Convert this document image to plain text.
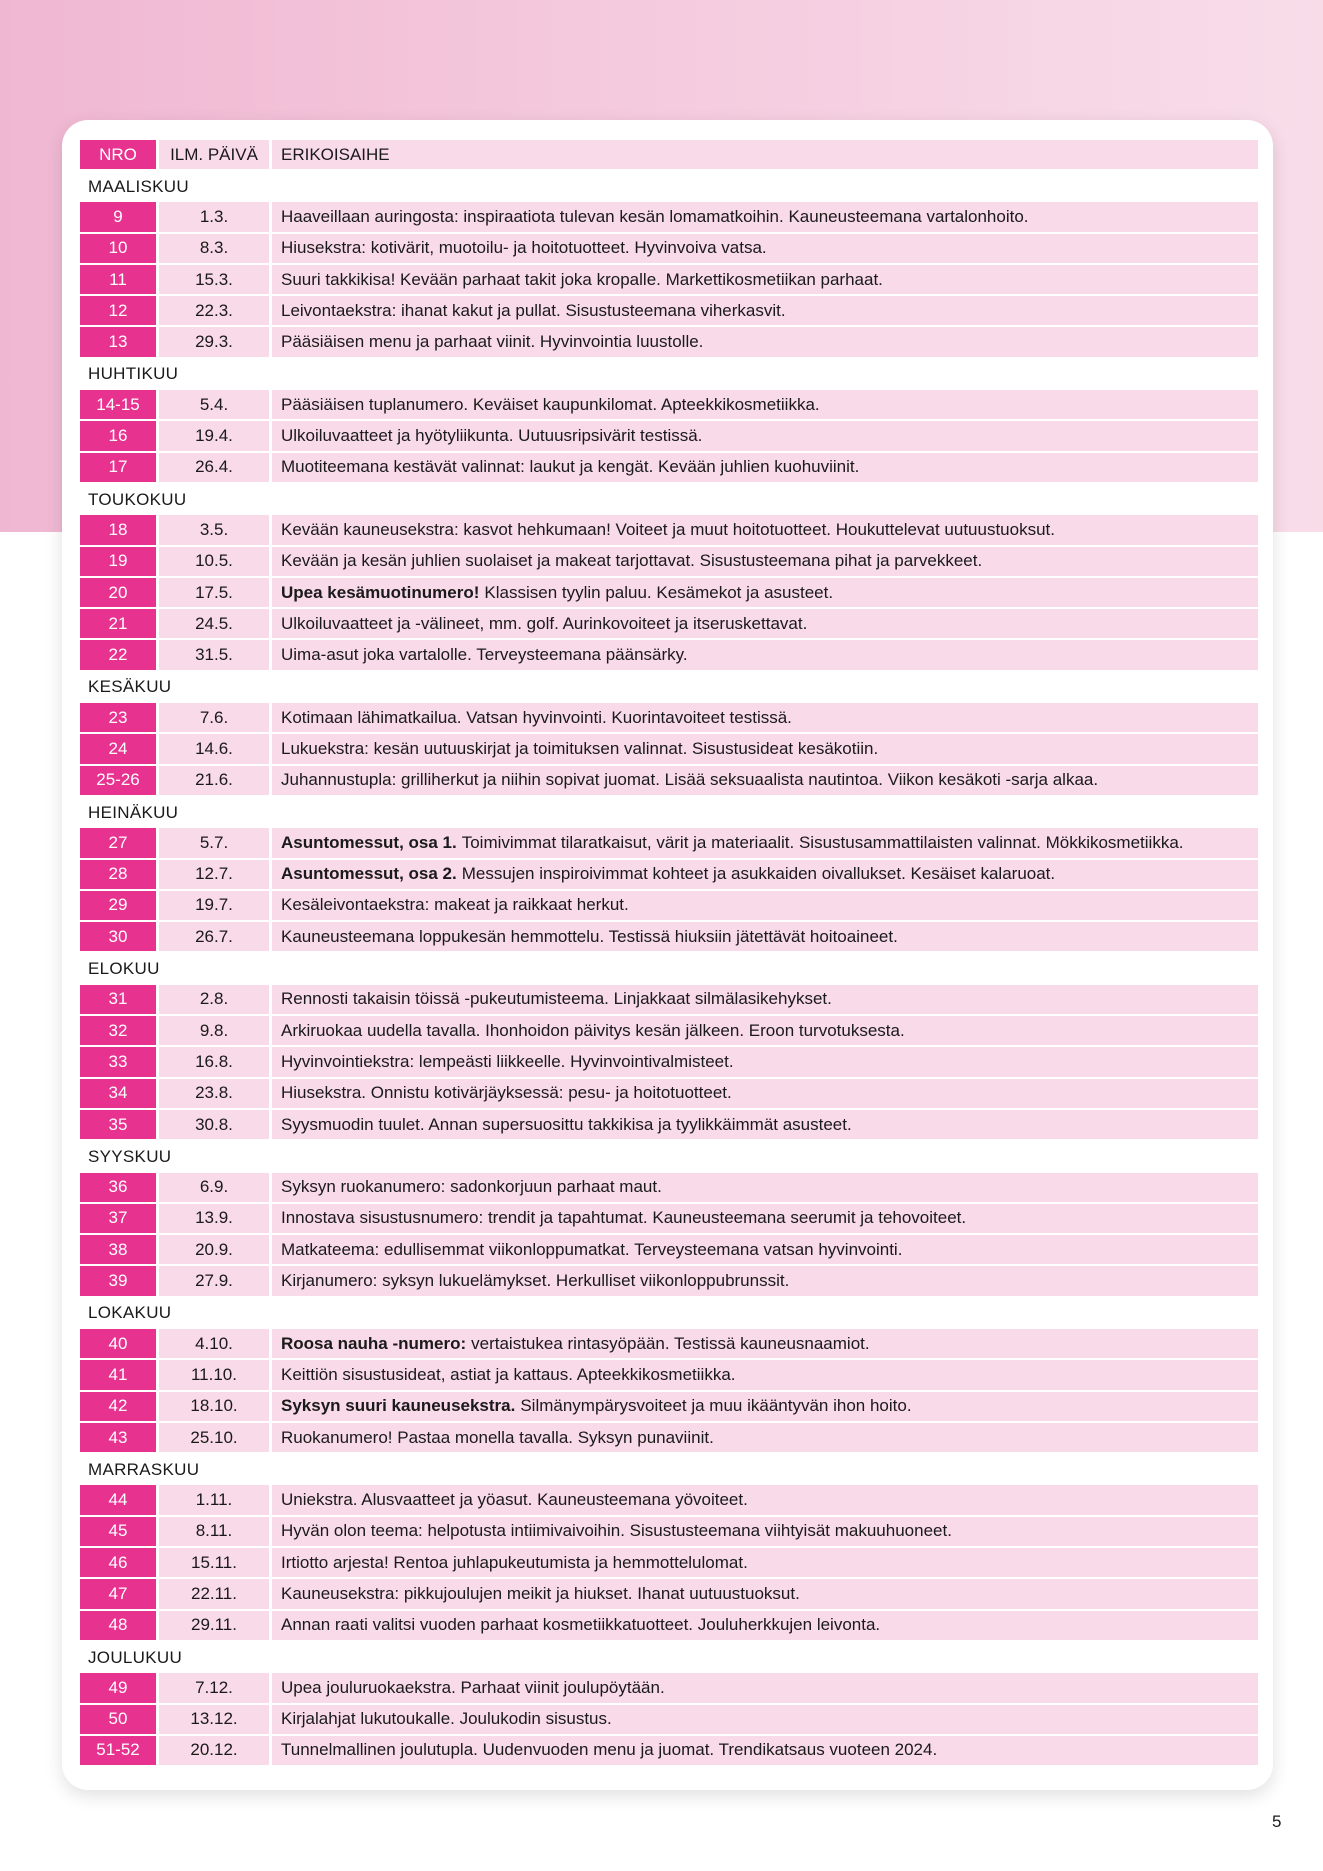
NRO	ILM. PÄIVÄ	ERIKOISAIHE
MAALISKUU
9	1.3.	Haaveillaan auringosta: inspiraatiota tulevan kesän lomamatkoihin. Kauneusteemana vartalonhoito.
10	8.3.	Hiusekstra: kotivärit, muotoilu- ja hoitotuotteet. Hyvinvoiva vatsa.
11	15.3.	Suuri takkikisa! Kevään parhaat takit joka kropalle. Markettikosmetiikan parhaat.
12	22.3.	Leivontaekstra: ihanat kakut ja pullat. Sisustusteemana viherkasvit.
13	29.3.	Pääsiäisen menu ja parhaat viinit. Hyvinvointia luustolle.
HUHTIKUU
14-15	5.4.	Pääsiäisen tuplanumero. Keväiset kaupunkilomat. Apteekkikosmetiikka.
16	19.4.	Ulkoiluvaatteet ja hyötyliikunta. Uutuusripsivärit testissä.
17	26.4.	Muotiteemana kestävät valinnat: laukut ja kengät. Kevään juhlien kuohuviinit.
TOUKOKUU
18	3.5.	Kevään kauneusekstra: kasvot hehkumaan! Voiteet ja muut hoitotuotteet. Houkuttelevat uutuustuoksut.
19	10.5.	Kevään ja kesän juhlien suolaiset ja makeat tarjottavat. Sisustusteemana pihat ja parvekkeet.
20	17.5.	Upea kesämuotinumero! Klassisen tyylin paluu. Kesämekot ja asusteet.
21	24.5.	Ulkoiluvaatteet ja -välineet, mm. golf. Aurinkovoiteet ja itseruskettavat.
22	31.5.	Uima-asut joka vartalolle. Terveysteemana päänsärky.
KESÄKUU
23	7.6.	Kotimaan lähimatkailua. Vatsan hyvinvointi. Kuorintavoiteet testissä.
24	14.6.	Lukuekstra: kesän uutuuskirjat ja toimituksen valinnat. Sisustusideat kesäkotiin.
25-26	21.6.	Juhannustupla: grilliherkut ja niihin sopivat juomat. Lisää seksuaalista nautintoa. Viikon kesäkoti -sarja alkaa.
HEINÄKUU
27	5.7.	Asuntomessut, osa 1. Toimivimmat tilaratkaisut, värit ja materiaalit. Sisustusammattilaisten valinnat. Mökkikosmetiikka.
28	12.7.	Asuntomessut, osa 2. Messujen inspiroivimmat kohteet ja asukkaiden oivallukset. Kesäiset kalaruoat.
29	19.7.	Kesäleivontaekstra: makeat ja raikkaat herkut.
30	26.7.	Kauneusteemana loppukesän hemmottelu. Testissä hiuksiin jätettävät hoitoaineet.
ELOKUU
31	2.8.	Rennosti takaisin töissä -pukeutumisteema. Linjakkaat silmälasikehykset.
32	9.8.	Arkiruokaa uudella tavalla. Ihonhoidon päivitys kesän jälkeen. Eroon turvotuksesta.
33	16.8.	Hyvinvointiekstra: lempeästi liikkeelle. Hyvinvointivalmisteet.
34	23.8.	Hiusekstra. Onnistu kotivärjäyksessä: pesu- ja hoitotuotteet.
35	30.8.	Syysmuodin tuulet. Annan supersuosittu takkikisa ja tyylikkäimmät asusteet.
SYYSKUU
36	6.9.	Syksyn ruokanumero: sadonkorjuun parhaat maut.
37	13.9.	Innostava sisustusnumero: trendit ja tapahtumat. Kauneusteemana seerumit ja tehovoiteet.
38	20.9.	Matkateema: edullisemmat viikonloppumatkat. Terveysteemana vatsan hyvinvointi.
39	27.9.	Kirjanumero: syksyn lukuelämykset. Herkulliset viikonloppubrunssit.
LOKAKUU
40	4.10.	Roosa nauha -numero: vertaistukea rintasyöpään. Testissä kauneusnaamiot.
41	11.10.	Keittiön sisustusideat, astiat ja kattaus. Apteekkikosmetiikka.
42	18.10.	Syksyn suuri kauneusekstra. Silmänympärysvoiteet ja muu ikääntyvän ihon hoito.
43	25.10.	Ruokanumero! Pastaa monella tavalla. Syksyn punaviinit.
MARRASKUU
44	1.11.	Uniekstra. Alusvaatteet ja yöasut. Kauneusteemana yövoiteet.
45	8.11.	Hyvän olon teema: helpotusta intiimivaivoihin. Sisustusteemana viihtyisät makuuhuoneet.
46	15.11.	Irtiotto arjesta! Rentoa juhlapukeutumista ja hemmottelulomat.
47	22.11.	Kauneusekstra: pikkujoulujen meikit ja hiukset. Ihanat uutuustuoksut.
48	29.11.	Annan raati valitsi vuoden parhaat kosmetiikkatuotteet. Jouluherkkujen leivonta.
JOULUKUU
49	7.12.	Upea jouluruokaekstra. Parhaat viinit joulupöytään.
50	13.12.	Kirjalahjat lukutoukalle. Joulukodin sisustus.
51-52	20.12.	Tunnelmallinen joulutupla. Uudenvuoden menu ja juomat. Trendikatsaus vuoteen 2024.
5
